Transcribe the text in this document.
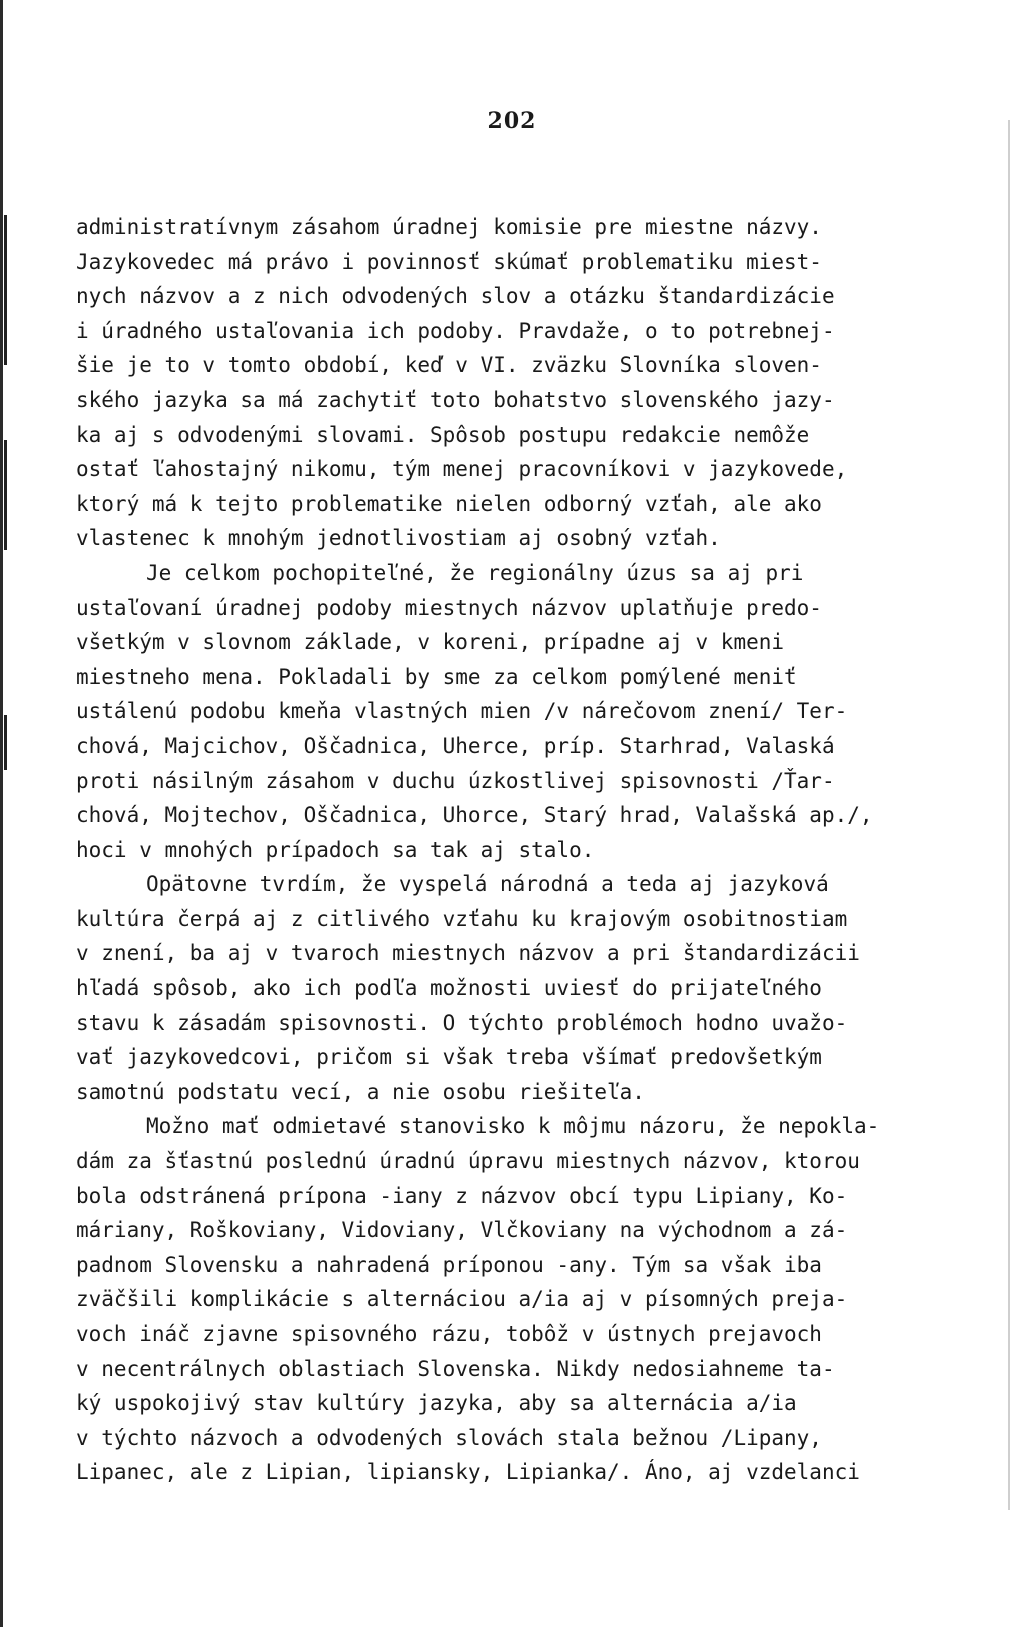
202
administratívnym zásahom úradnej komisie pre miestne názvy.
Jazykovedec má právo i povinnosť skúmať problematiku miest-
nych názvov a z nich odvodených slov a otázku štandardizácie
i úradného ustaľovania ich podoby. Pravdaže, o to potrebnej-
šie je to v tomto období, keď v VI. zväzku Slovníka sloven-
ského jazyka sa má zachytiť toto bohatstvo slovenského jazy-
ka aj s odvodenými slovami. Spôsob postupu redakcie nemôže
ostať ľahostajný nikomu, tým menej pracovníkovi v jazykovede,
ktorý má k tejto problematike nielen odborný vzťah, ale ako
vlastenec k mnohým jednotlivostiam aj osobný vzťah.
Je celkom pochopiteľné, že regionálny úzus sa aj pri
ustaľovaní úradnej podoby miestnych názvov uplatňuje predo-
všetkým v slovnom základe, v koreni, prípadne aj v kmeni
miestneho mena. Pokladali by sme za celkom pomýlené meniť
ustálenú podobu kmeňa vlastných mien /v nárečovom znení/ Ter-
chová, Majcichov, Oščadnica, Uherce, príp. Starhrad, Valaská
proti násilným zásahom v duchu úzkostlivej spisovnosti /Ťar-
chová, Mojtechov, Oščadnica, Uhorce, Starý hrad, Valašská ap./,
hoci v mnohých prípadoch sa tak aj stalo.
Opätovne tvrdím, že vyspelá národná a teda aj jazyková
kultúra čerpá aj z citlivého vzťahu ku krajovým osobitnostiam
v znení, ba aj v tvaroch miestnych názvov a pri štandardizácii
hľadá spôsob, ako ich podľa možnosti uviesť do prijateľného
stavu k zásadám spisovnosti. O týchto problémoch hodno uvažo-
vať jazykovedcovi, pričom si však treba všímať predovšetkým
samotnú podstatu vecí, a nie osobu riešiteľa.
Možno mať odmietavé stanovisko k môjmu názoru, že nepokla-
dám za šťastnú poslednú úradnú úpravu miestnych názvov, ktorou
bola odstránená prípona -iany z názvov obcí typu Lipiany, Ko-
máriany, Roškoviany, Vidoviany, Vlčkoviany na východnom a zá-
padnom Slovensku a nahradená príponou -any. Tým sa však iba
zväčšili komplikácie s alternáciou a/ia aj v písomných preja-
voch ináč zjavne spisovného rázu, tobôž v ústnych prejavoch
v necentrálnych oblastiach Slovenska. Nikdy nedosiahneme ta-
ký uspokojivý stav kultúry jazyka, aby sa alternácia a/ia
v týchto názvoch a odvodených slovách stala bežnou /Lipany,
Lipanec, ale z Lipian, lipiansky, Lipianka/. Áno, aj vzdelanci
